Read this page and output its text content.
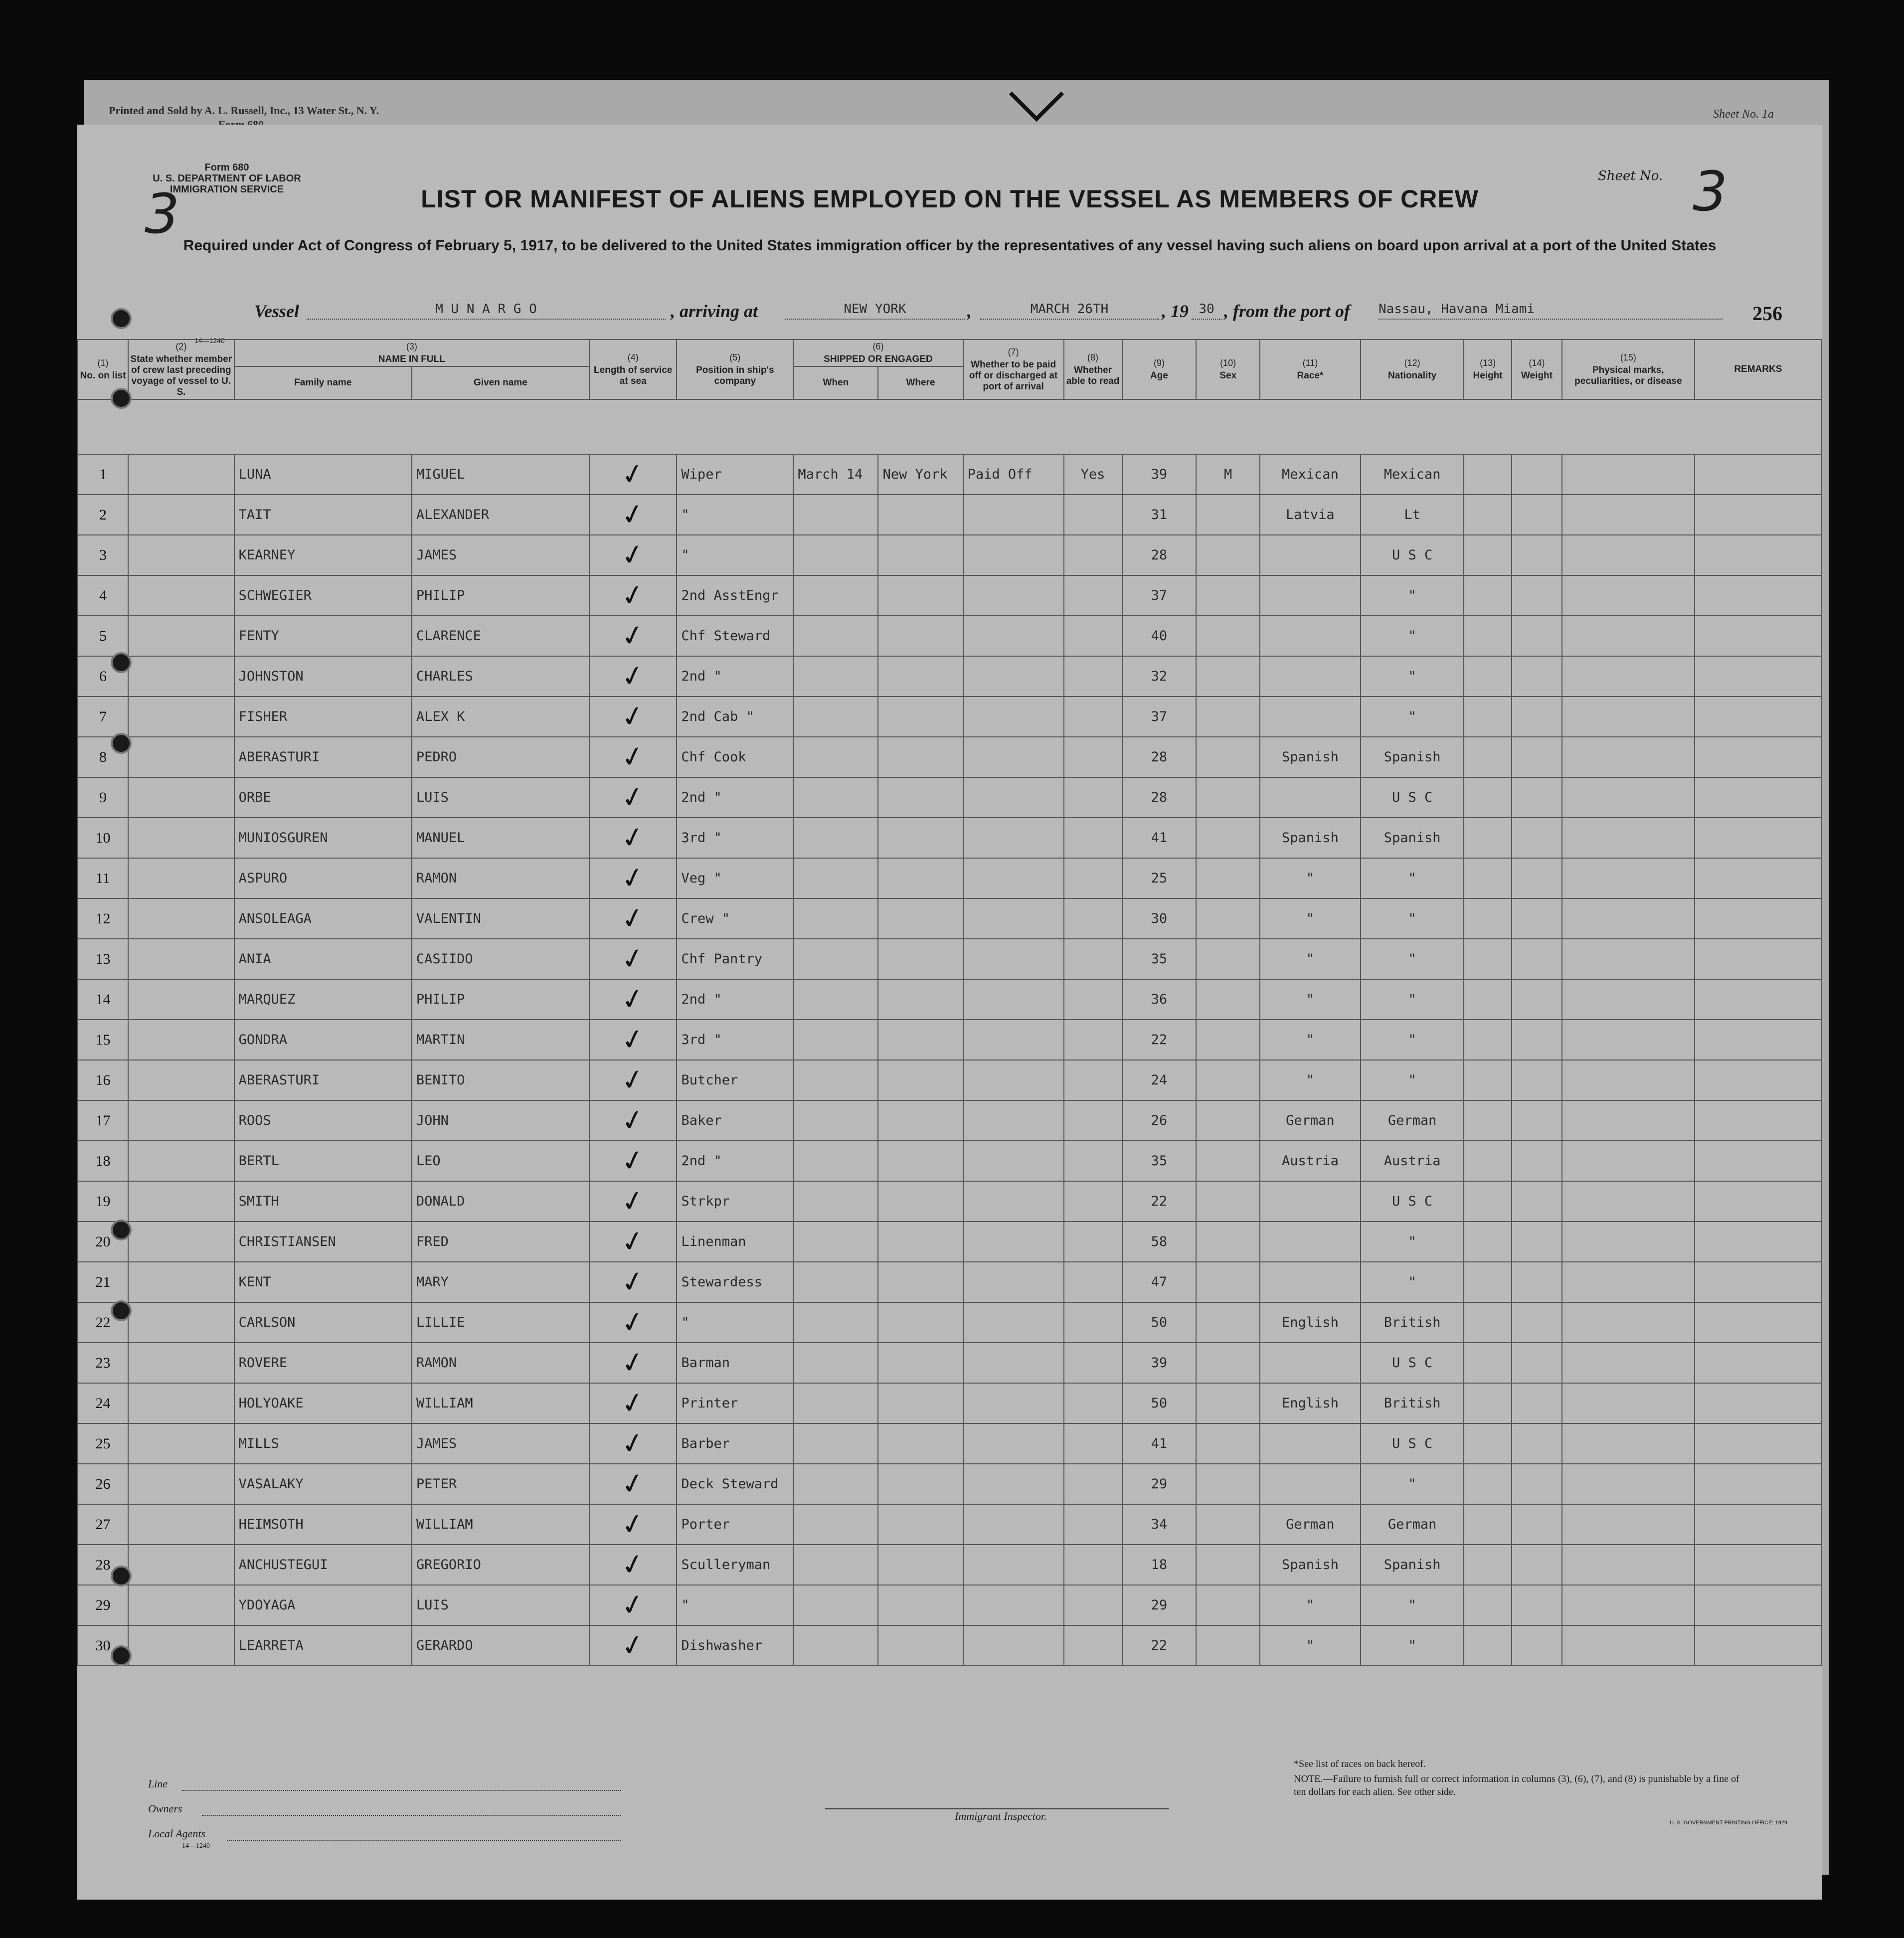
Printed and Sold by A. L. Russell, Inc., 13 Water St., N. Y.	Sheet No. 1a
Form 680
U. S. DEPARTMENT OF LABOR
IMMIGRATION SERVICE
3
Sheet No. 3
LIST OR MANIFEST OF ALIENS EMPLOYED ON THE VESSEL AS MEMBERS OF CREW
Required under Act of Congress of February 5, 1917, to be delivered to the United States immigration officer by the representatives of any vessel having such aliens on board upon arrival at a port of the United States
Vessel	M U N A R G O	, arriving at	NEW YORK	,	MARCH 26TH	, 19 30 , from the port of Nassau, Havana Miami	256
14—1240
(1)
No. on list	(2)
State whether member of crew last preceding voyage of vessel to U. S.	(3)
NAME IN FULL		(4)
Length of service at sea	(5)
Position in ship's company	(6)
SHIPPED OR ENGAGED		(7)
Whether to be paid off or discharged at port of arrival	(8)
Whether able to read	(9)
Age	(10)
Sex	(11)
Race*	(12)
Nationality	(13)
Height	(14)
Weight	(15)
Physical marks, peculiarities, or disease	REMARKS
		Family name	Given name			When	Where										

1		LUNA	MIGUEL	✓	Wiper	March 14	New York	Paid Off	Yes	39	M	Mexican	Mexican				
2		TAIT	ALEXANDER	✓	"					31		Latvia	Lt				
3		KEARNEY	JAMES	✓	"					28			U S C				
4		SCHWEGIER	PHILIP	✓	2nd AsstEngr					37			"				
5		FENTY	CLARENCE	✓	Chf Steward					40			"				
6		JOHNSTON	CHARLES	✓	2nd "					32			"				
7		FISHER	ALEX K	✓	2nd Cab "					37			"				
8		ABERASTURI	PEDRO	✓	Chf Cook					28		Spanish	Spanish				
9		ORBE	LUIS	✓	2nd "					28			U S C				
10		MUNIOSGUREN	MANUEL	✓	3rd "					41		Spanish	Spanish				
11		ASPURO	RAMON	✓	Veg "					25		"	"				
12		ANSOLEAGA	VALENTIN	✓	Crew "					30		"	"				
13		ANIA	CASIIDO	✓	Chf Pantry					35		"	"				
14		MARQUEZ	PHILIP	✓	2nd "					36		"	"				
15		GONDRA	MARTIN	✓	3rd "					22		"	"				
16		ABERASTURI	BENITO	✓	Butcher					24		"	"				
17		ROOS	JOHN	✓	Baker					26		German	German				
18		BERTL	LEO	✓	2nd "					35		Austria	Austria				
19		SMITH	DONALD	✓	Strkpr					22			U S C				
20		CHRISTIANSEN	FRED	✓	Linenman					58			"				
21		KENT	MARY	✓	Stewardess					47			"				
22		CARLSON	LILLIE	✓	"					50		English	British				
23		ROVERE	RAMON	✓	Barman					39			U S C				
24		HOLYOAKE	WILLIAM	✓	Printer					50		English	British				
25		MILLS	JAMES	✓	Barber					41			U S C				
26		VASALAKY	PETER	✓	Deck Steward					29			"				
27		HEIMSOTH	WILLIAM	✓	Porter					34		German	German				
28		ANCHUSTEGUI	GREGORIO	✓	Sculleryman					18		Spanish	Spanish				
29		YDOYAGA	LUIS	✓	"					29		"	"				
30		LEARRETA	GERARDO	✓	Dishwasher					22		"	"				
Line
Owners
Local Agents
14—1240
Immigrant Inspector.
*See list of races on back hereof.
NOTE.—Failure to furnish full or correct information in columns (3), (6), (7), and (8) is punishable by a fine of ten dollars for each alien. See other side.
U. S. GOVERNMENT PRINTING OFFICE: 1929
